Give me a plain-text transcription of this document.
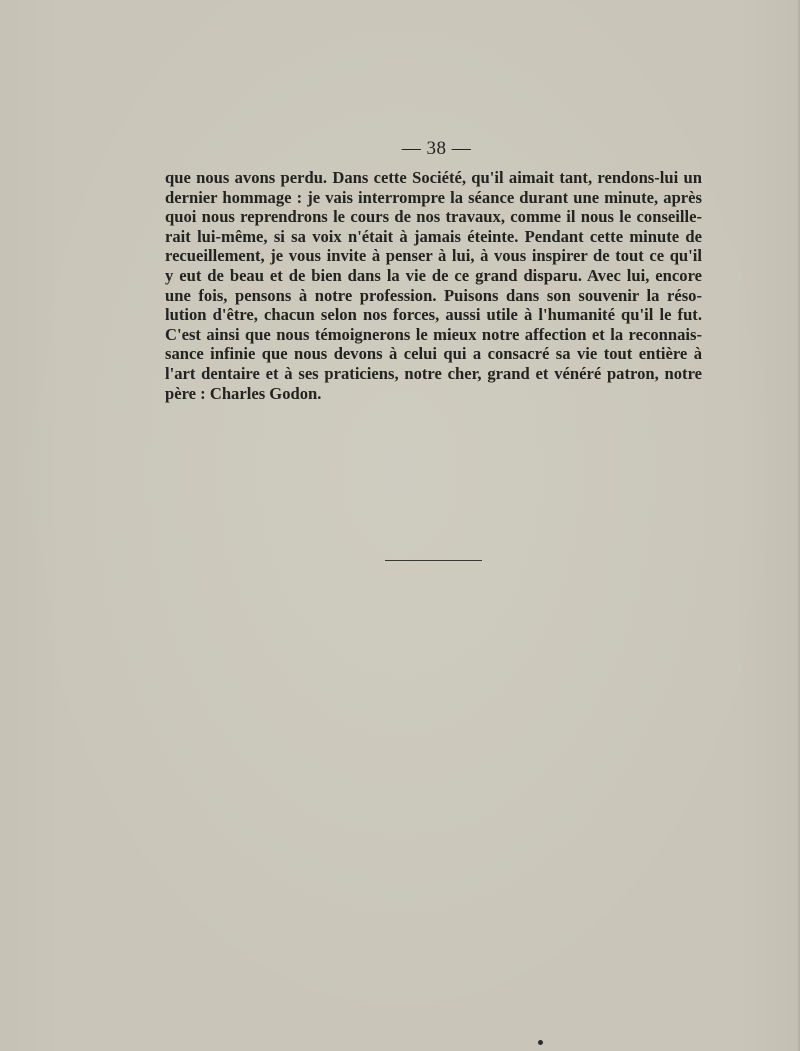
— 38 —

que nous avons perdu. Dans cette Société, qu'il aimait tant, rendons-lui un
dernier hommage : je vais interrompre la séance durant une minute, après
quoi nous reprendrons le cours de nos travaux, comme il nous le conseille-
rait lui-même, si sa voix n'était à jamais éteinte. Pendant cette minute de
recueillement, je vous invite à penser à lui, à vous inspirer de tout ce qu'il
y eut de beau et de bien dans la vie de ce grand disparu. Avec lui, encore
une fois, pensons à notre profession. Puisons dans son souvenir la réso-
lution d'être, chacun selon nos forces, aussi utile à l'humanité qu'il le fut.
C'est ainsi que nous témoignerons le mieux notre affection et la reconnais-
sance infinie que nous devons à celui qui a consacré sa vie tout entière à
l'art dentaire et à ses praticiens, notre cher, grand et vénéré patron, notre
père : Charles Godon.
